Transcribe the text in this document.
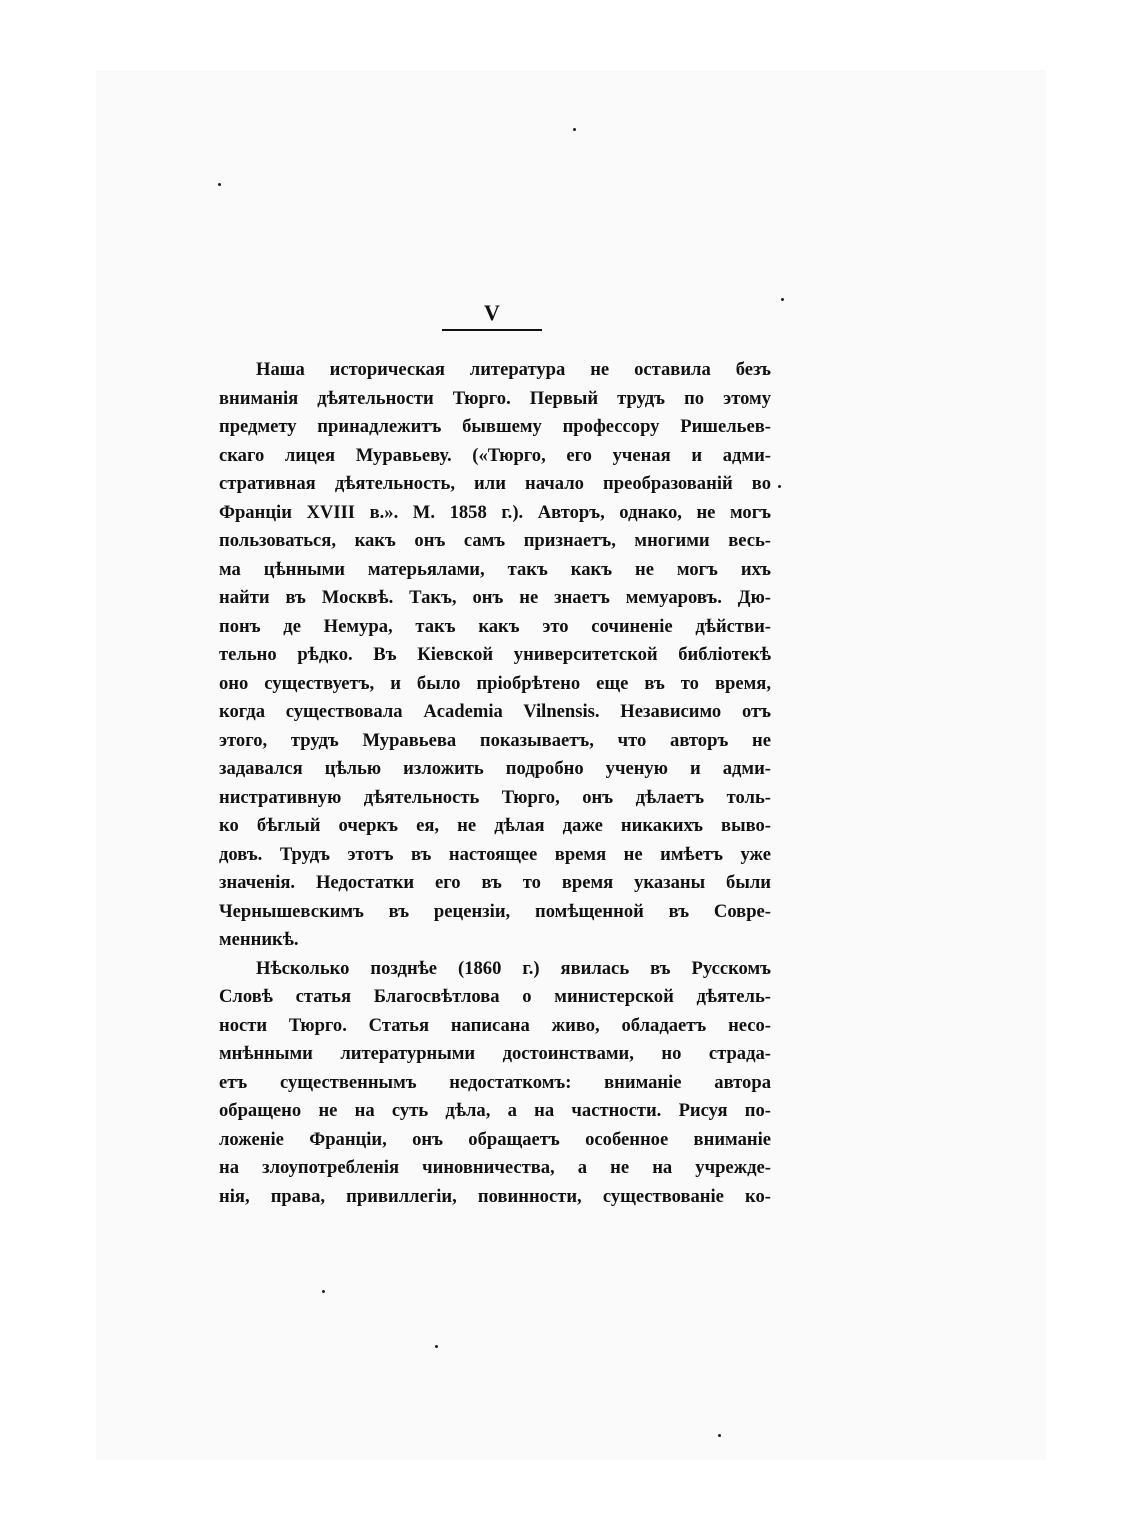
V
Наша историческая литература не оставила безъ
вниманія дѣятельности Тюрго. Первый трудъ по этому
предмету принадлежитъ бывшему профессору Ришельев-
скаго лицея Муравьеву. («Тюрго, его ученая и адми-
стративная дѣятельность, или начало преобразованій во
Франціи XVIII в.». М. 1858 г.). Авторъ, однако, не могъ
пользоваться, какъ онъ самъ признаетъ, многими весь-
ма цѣнными матерьялами, такъ какъ не могъ ихъ
найти въ Москвѣ. Такъ, онъ не знаетъ мемуаровъ. Дю-
понъ де Немура, такъ какъ это сочиненіе дѣйстви-
тельно рѣдко. Въ Кіевской университетской библіотекѣ
оно существуетъ, и было пріобрѣтено еще въ то время,
когда существовала Academia Vilnensis. Независимо отъ
этого, трудъ Муравьева показываетъ, что авторъ не
задавался цѣлью изложить подробно ученую и адми-
нистративную дѣятельность Тюрго, онъ дѣлаетъ толь-
ко бѣглый очеркъ ея, не дѣлая даже никакихъ выво-
довъ. Трудъ этотъ въ настоящее время не имѣетъ уже
значенія. Недостатки его въ то время указаны были
Чернышевскимъ въ рецензіи, помѣщенной въ Совре-
менникѣ.
Нѣсколько позднѣе (1860 г.) явилась въ Русскомъ
Словѣ статья Благосвѣтлова о министерской дѣятель-
ности Тюрго. Статья написана живо, обладаетъ несо-
мнѣнными литературными достоинствами, но страда-
етъ существеннымъ недостаткомъ: вниманіе автора
обращено не на суть дѣла, а на частности. Рисуя по-
ложеніе Франціи, онъ обращаетъ особенное вниманіе
на злоупотребленія чиновничества, а не на учрежде-
нія, права, привиллегіи, повинности, существованіе ко-
